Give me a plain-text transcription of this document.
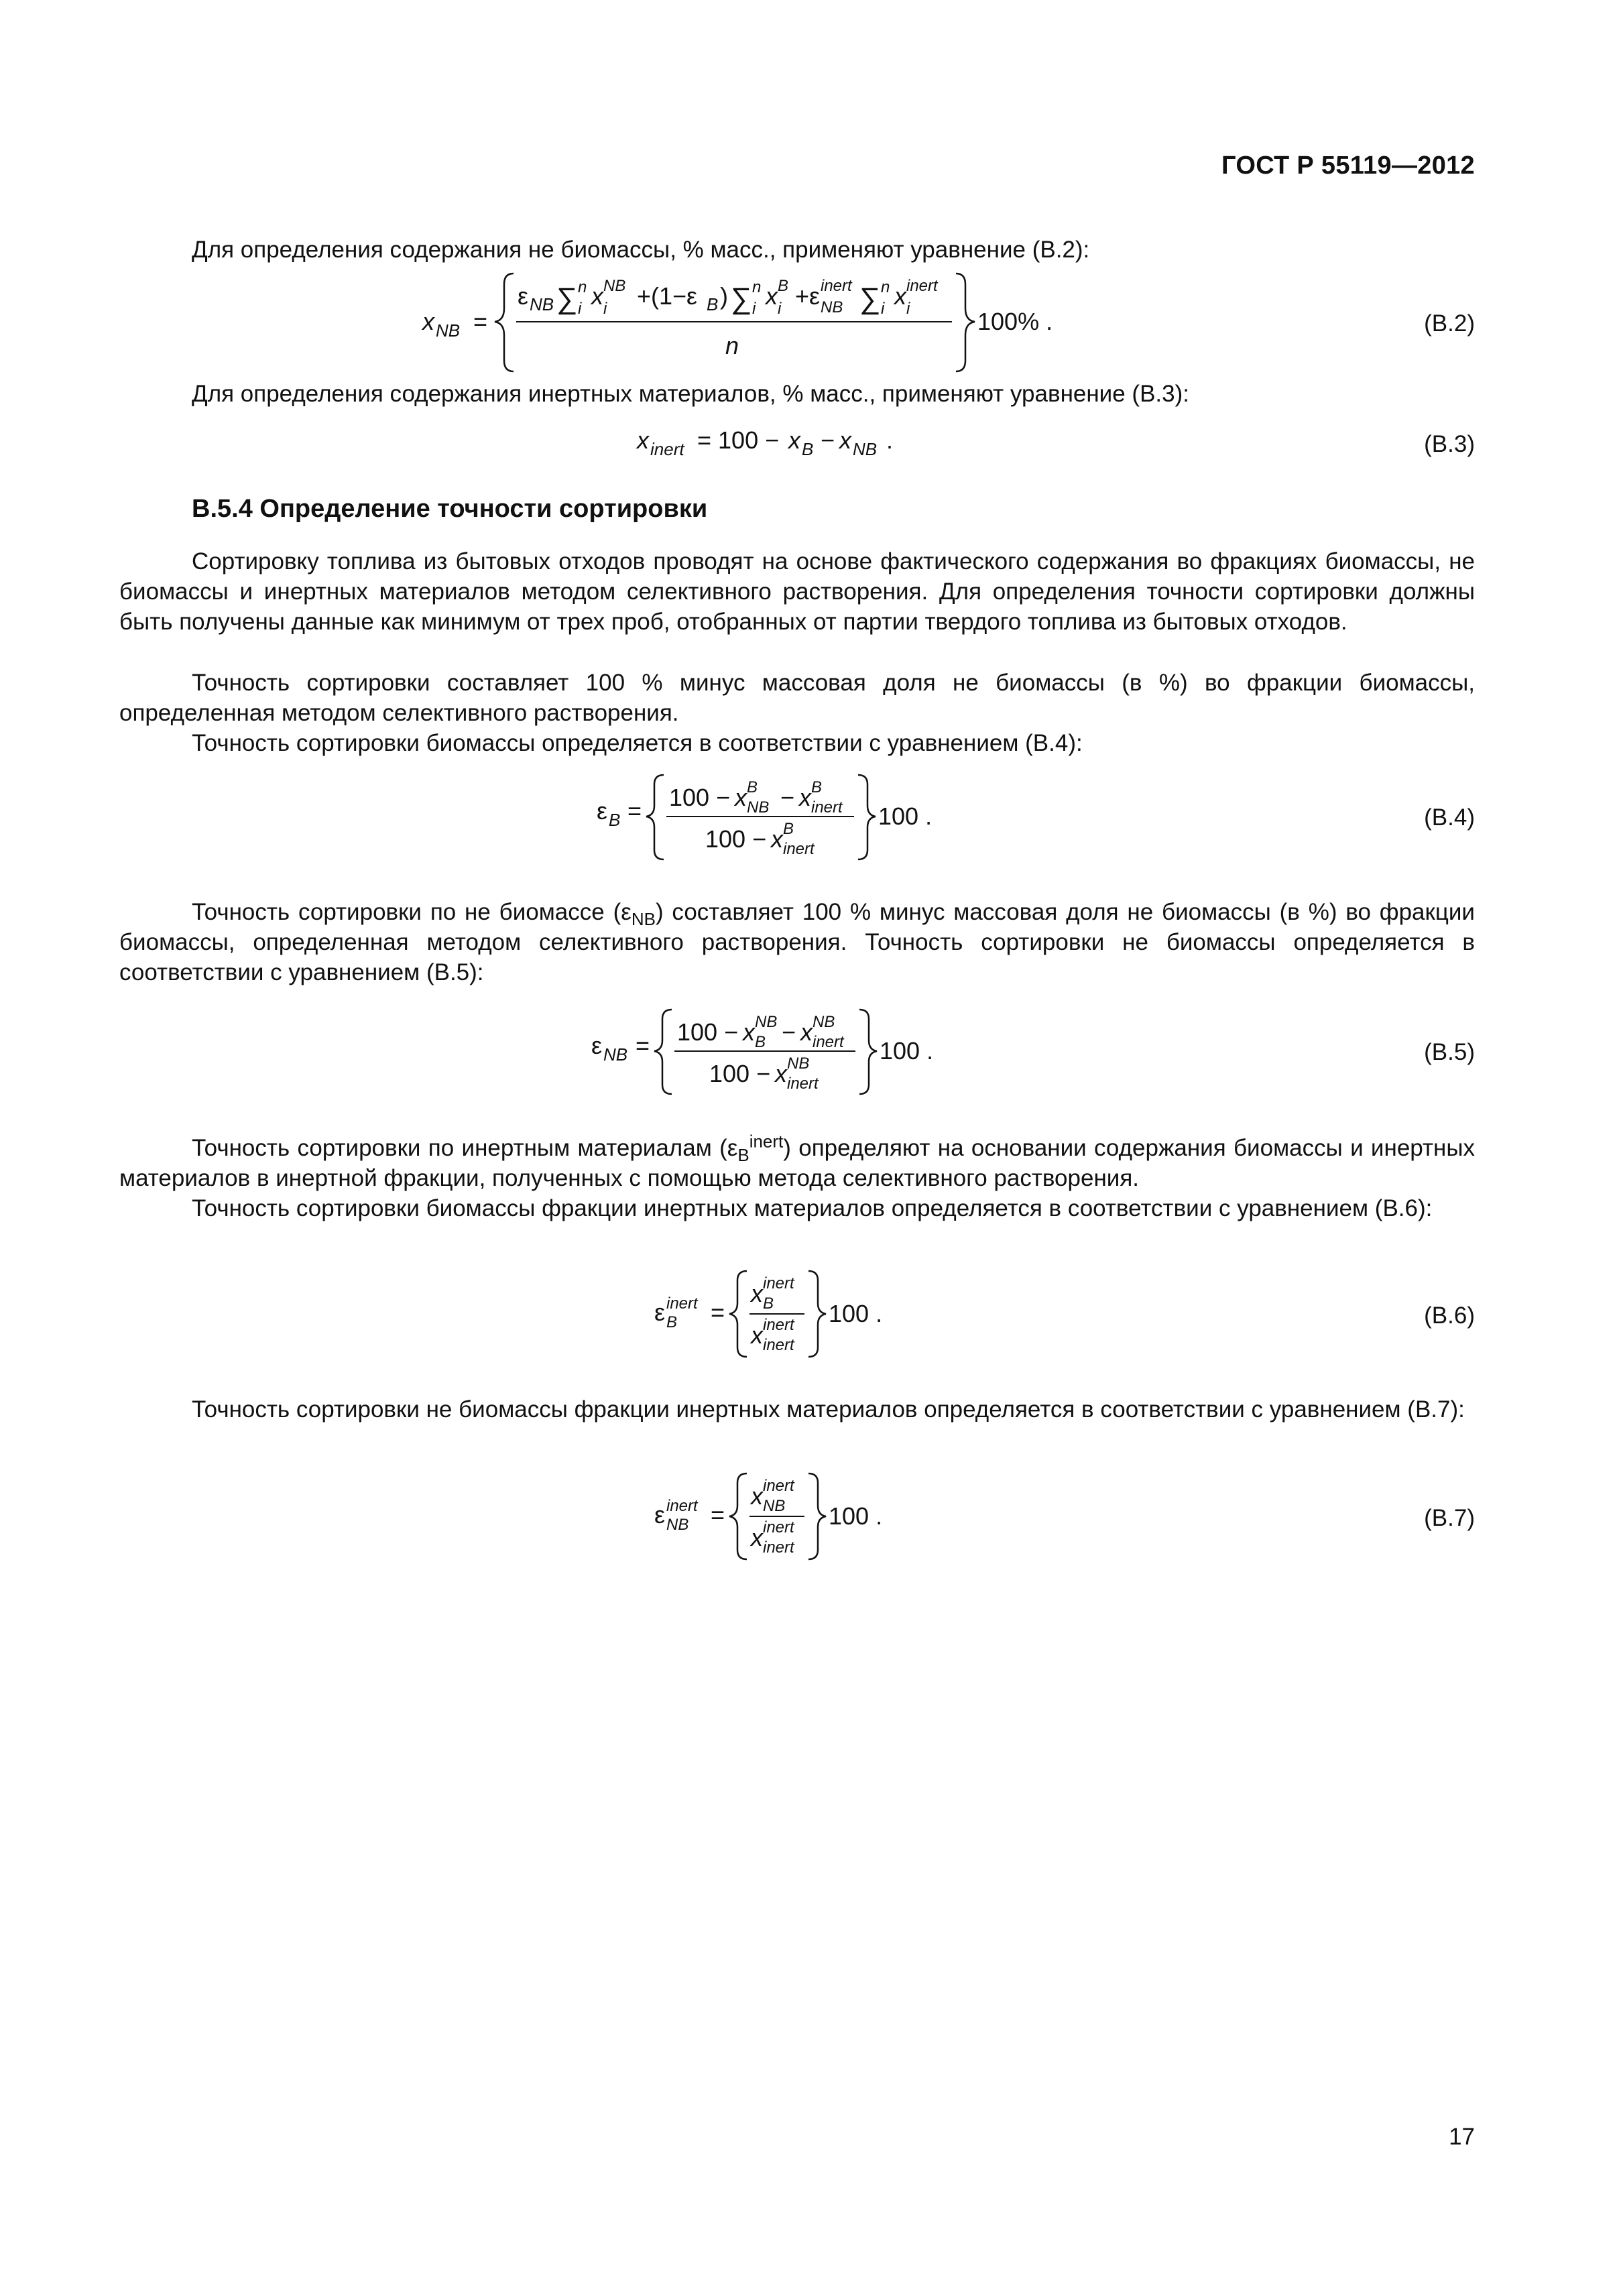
ГОСТ Р 55119—2012
Для определения содержания не биомассы, % масс., применяют уравнение (B.2):
x NB =
ε NB ∑ n
i x NB
i +(1−ε B ) ∑ n
i x B
i +ε inert
NB ∑ n
i x inert
i
n
100% .	(B.2)
Для определения содержания инертных материалов, % масс., применяют уравнение (B.3):
x inert = 100 − x B − x NB .	(B.3)
B.5.4 Определение точности сортировки
Сортировку топлива из бытовых отходов проводят на основе фактического содержания во фракциях биомассы, не биомассы и инертных материалов методом селективного растворения. Для определения точности сортировки должны быть получены данные как минимум от трех проб, отобранных от партии твердого топлива из бытовых отходов.
Точность сортировки составляет 100 % минус массовая доля не биомассы (в %) во фракции биомассы, определенная методом селективного растворения.
Точность сортировки биомассы определяется в соответствии с уравнением (B.4):
ε B = 100 − x B
NB − x B
inert
100 − x B
inert
100 .	(B.4)
Точность сортировки по не биомассе $(\varepsilon_{NB})$ составляет 100 % минус массовая доля не биомассы (в %) во фракции биомассы, определенная методом селективного растворения. Точность сортировки не биомассы определяется в соответствии с уравнением (B.5):
ε NB = 100 − x NB
B − x NB
inert
100 − x NB
inert
100 .	(B.5)
Точность сортировки по инертным материалам $(\varepsilon_B^{inert})$ определяют на основании содержания биомассы и инертных материалов в инертной фракции, полученных с помощью метода селективного растворения.
Точность сортировки биомассы фракции инертных материалов определяется в соответствии с уравнением (B.6):
ε inert
B =
x inert
B
x inert
inert
100 .	(B.6)
Точность сортировки не биомассы фракции инертных материалов определяется в соответствии с уравнением (B.7):
ε inert
NB =
x inert
NB
x inert
inert
100 .	(B.7)
17
